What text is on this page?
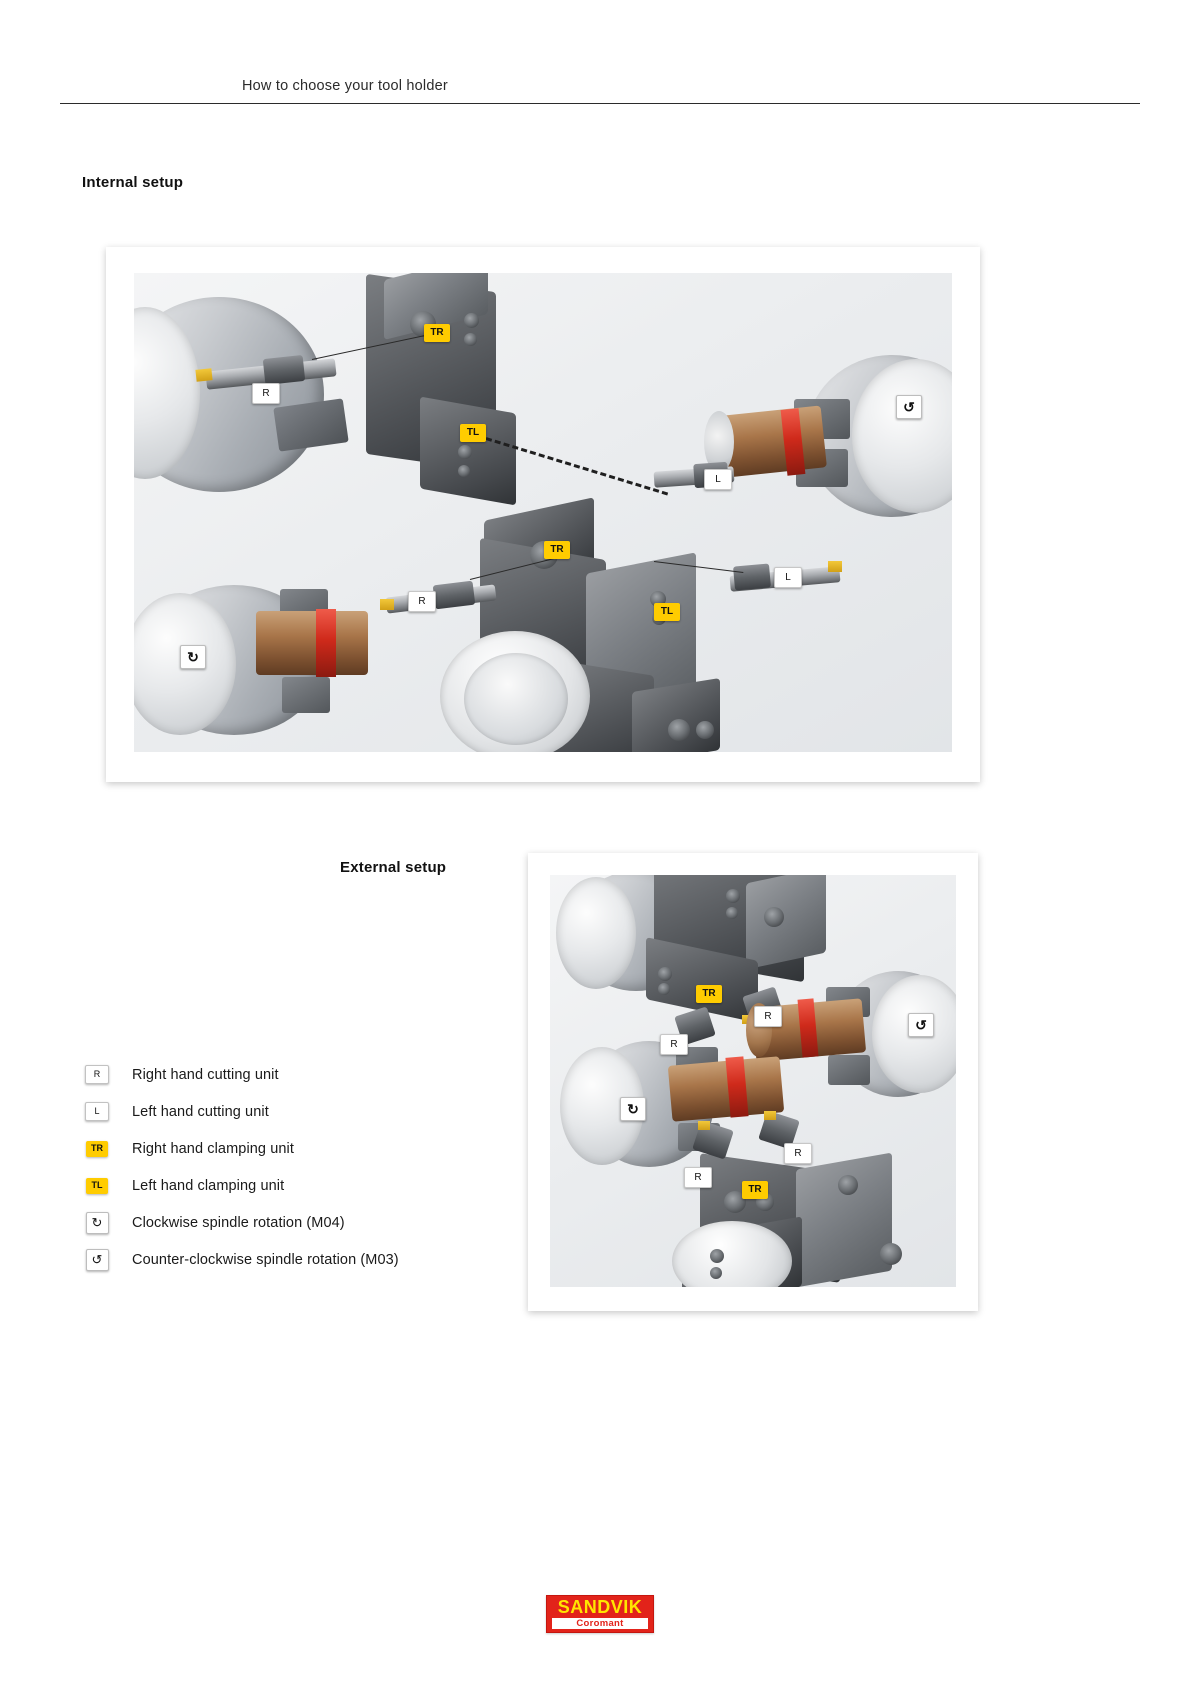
How to choose your tool holder
Internal setup
TR
TL
TR
TL
R
R
L
L
↺
↻
External setup
TR
TR
R
R
R
R
↺
↻
R Right hand cutting unit
L Left hand cutting unit
TR Right hand clamping unit
TL Left hand clamping unit
↻ Clockwise spindle rotation (M04)
↺ Counter-clockwise spindle rotation (M03)
SANDVIK
Coromant
